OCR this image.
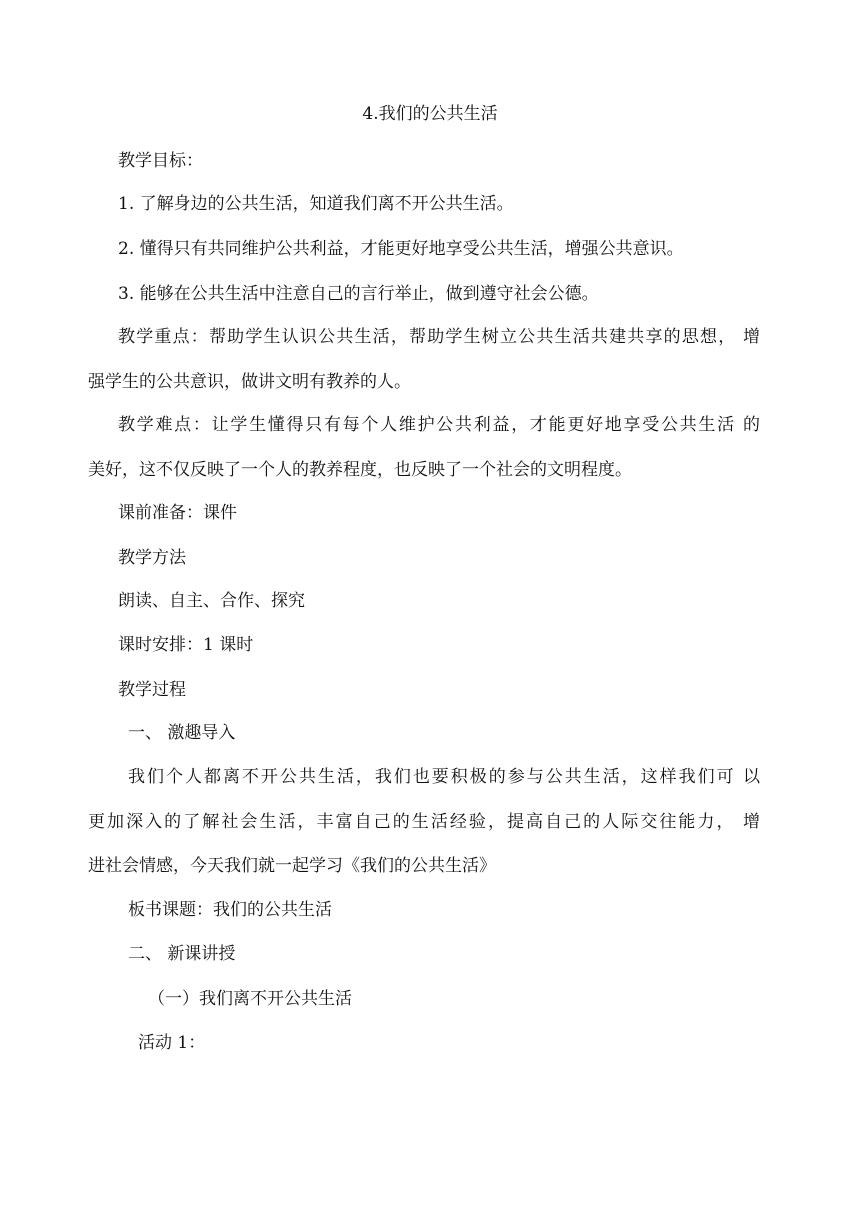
4.我们的公共生活
教学目标：
1. 了解身边的公共生活，知道我们离不开公共生活。
2. 懂得只有共同维护公共利益，才能更好地享受公共生活，增强公共意识。
3. 能够在公共生活中注意自己的言行举止，做到遵守社会公德。
教学重点：帮助学生认识公共生活，帮助学生树立公共生活共建共享的思想， 增
强学生的公共意识，做讲文明有教养的人。
教学难点：让学生懂得只有每个人维护公共利益，才能更好地享受公共生活 的
美好，这不仅反映了一个人的教养程度，也反映了一个社会的文明程度。
课前准备：课件
教学方法
朗读、自主、合作、探究
课时安排：1 课时
教学过程
一、 激趣导入
我们个人都离不开公共生活，我们也要积极的参与公共生活，这样我们可 以
更加深入的了解社会生活，丰富自己的生活经验，提高自己的人际交往能力， 增
进社会情感，今天我们就一起学习《我们的公共生活》
板书课题：我们的公共生活
二、 新课讲授
（一）我们离不开公共生活
活动 1：
